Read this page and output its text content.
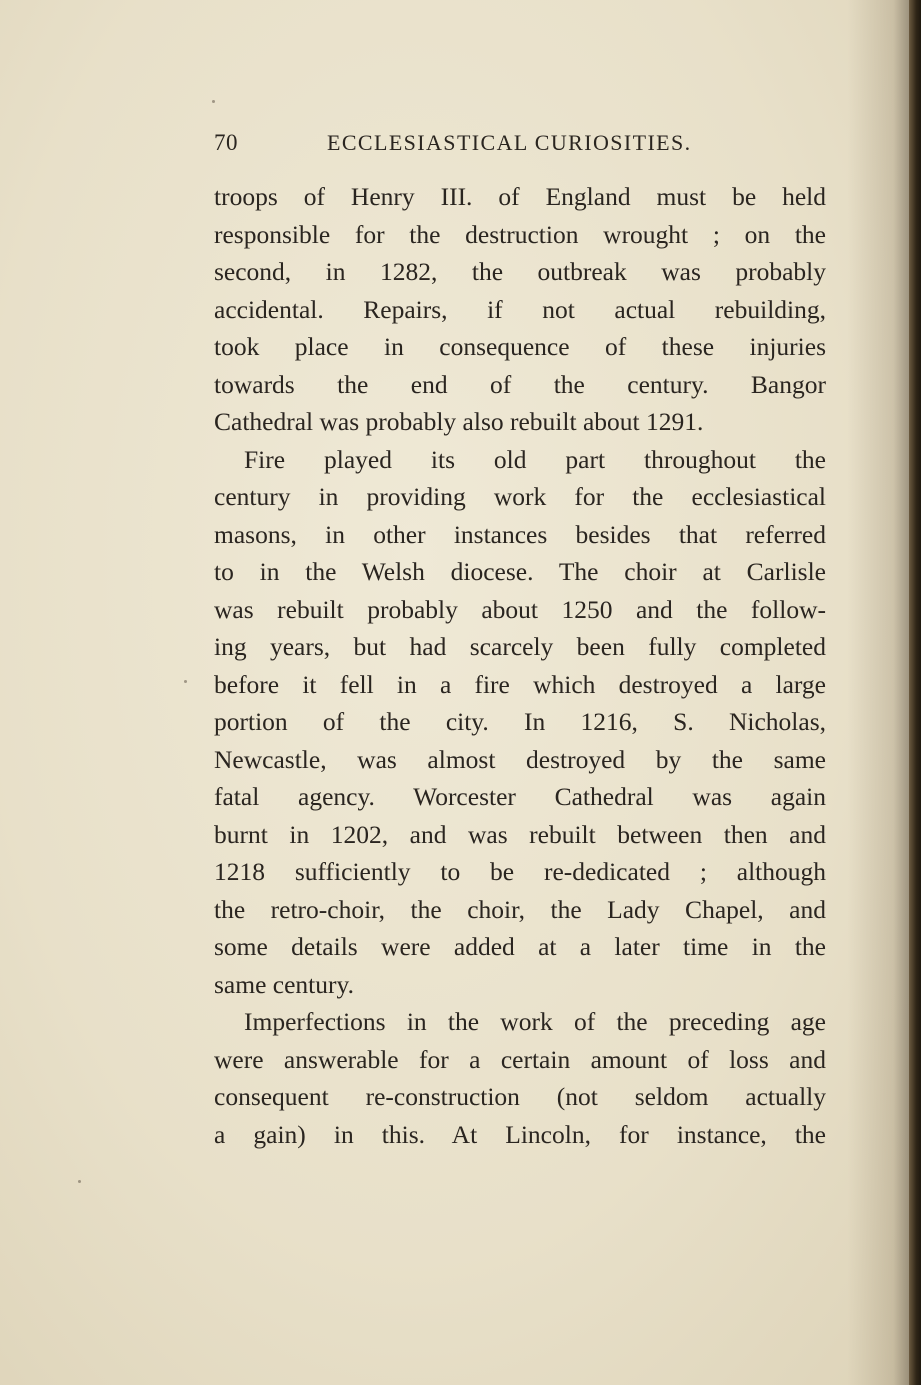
70	ECCLESIASTICAL CURIOSITIES.
troops of Henry III. of England must be held
responsible for the destruction wrought ; on the
second, in 1282, the outbreak was probably
accidental. Repairs, if not actual rebuilding,
took place in consequence of these injuries
towards the end of the century. Bangor
Cathedral was probably also rebuilt about 1291.
Fire played its old part throughout the
century in providing work for the ecclesiastical
masons, in other instances besides that referred
to in the Welsh diocese. The choir at Carlisle
was rebuilt probably about 1250 and the follow-
ing years, but had scarcely been fully completed
before it fell in a fire which destroyed a large
portion of the city. In 1216, S. Nicholas,
Newcastle, was almost destroyed by the same
fatal agency. Worcester Cathedral was again
burnt in 1202, and was rebuilt between then and
1218 sufficiently to be re-dedicated ; although
the retro-choir, the choir, the Lady Chapel, and
some details were added at a later time in the
same century.
Imperfections in the work of the preceding age
were answerable for a certain amount of loss and
consequent re-construction (not seldom actually
a gain) in this. At Lincoln, for instance, the
